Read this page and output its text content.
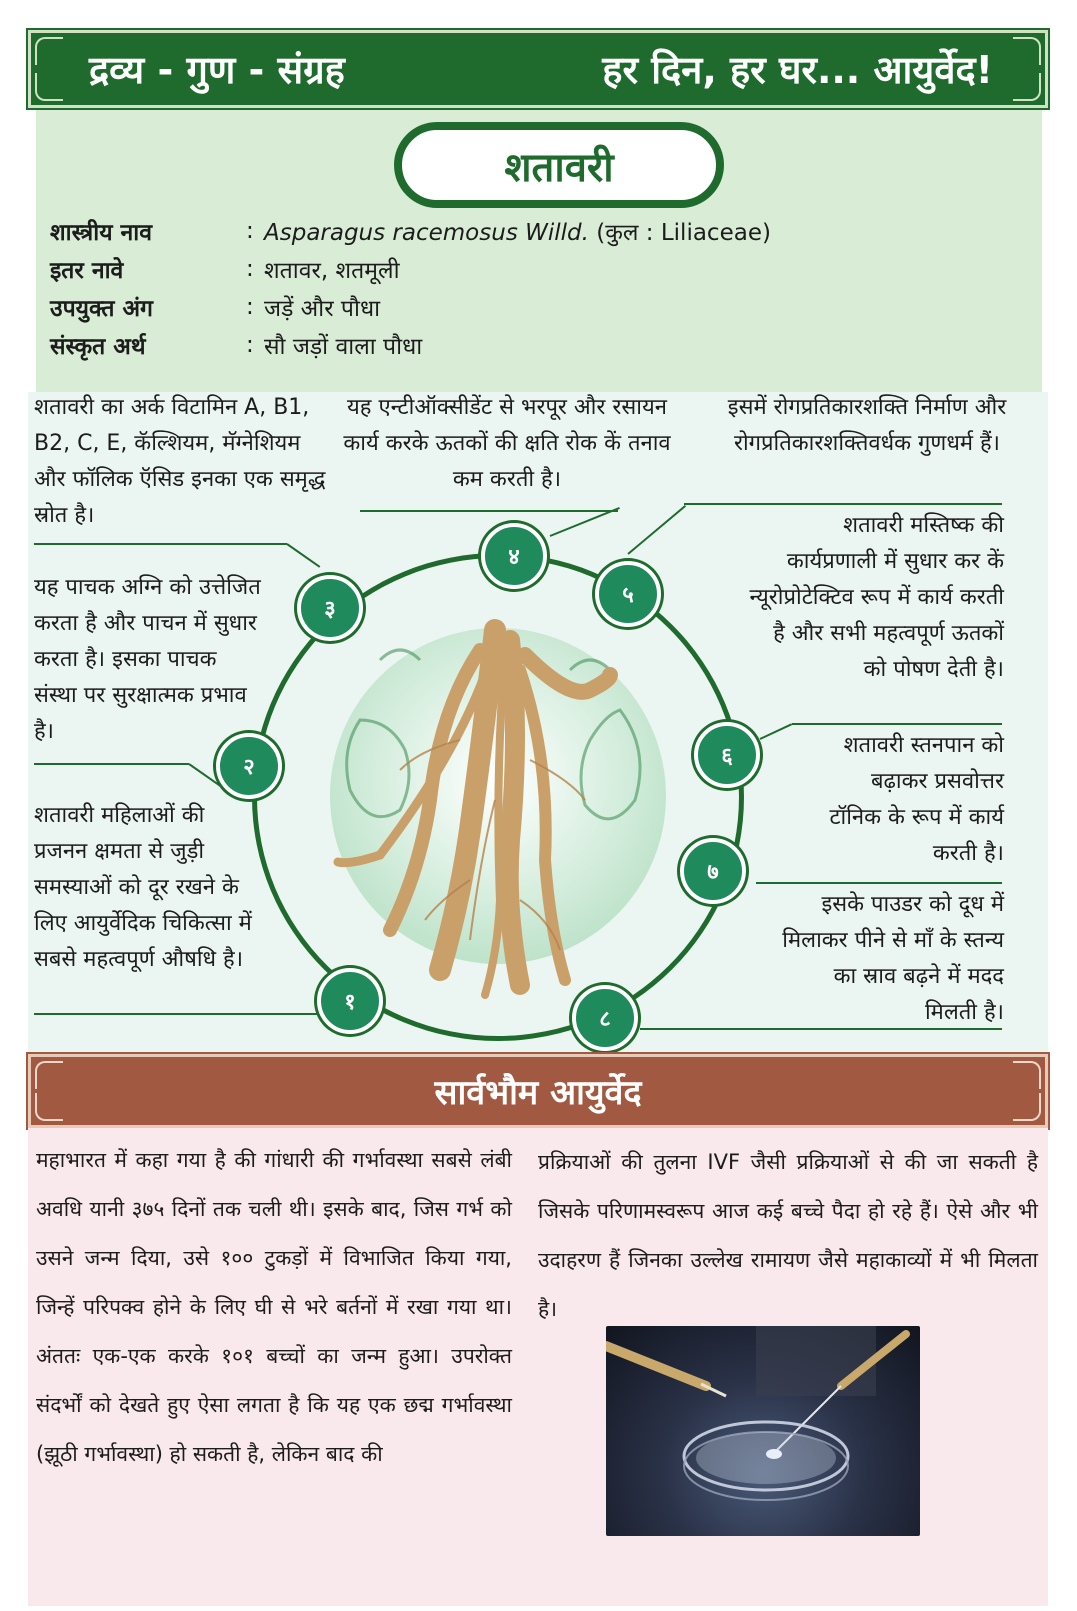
द्रव्य - गुण - संग्रह	हर दिन, हर घर... आयुर्वेद!
शतावरी
शास्त्रीय नाव	: Asparagus racemosus Willd. (कुल : Liliaceae)
इतर नावे	: शतावर, शतमूली
उपयुक्त अंग	: जड़ें और पौधा
संस्कृत अर्थ	: सौ जड़ों वाला पौधा
१
२
३
४
५
६
७
८
शतावरी का अर्क विटामिन A, B1, B2, C, E, कॅल्शियम, मॅग्नेशियम और फॉलिक ऍसिड इनका एक समृद्ध स्रोत है।
यह एन्टीऑक्सीडेंट से भरपूर और रसायन कार्य करके ऊतकों की क्षति रोक कें तनाव कम करती है।
इसमें रोगप्रतिकारशक्ति निर्माण और रोगप्रतिकारशक्तिवर्धक गुणधर्म हैं।
यह पाचक अग्नि को उत्तेजित करता है और पाचन में सुधार करता है। इसका पाचक संस्था पर सुरक्षात्मक प्रभाव है।
शतावरी मस्तिष्क की कार्यप्रणाली में सुधार कर कें न्यूरोप्रोटेक्टिव रूप में कार्य करती है और सभी महत्वपूर्ण ऊतकों को पोषण देती है।
शतावरी महिलाओं की प्रजनन क्षमता से जुड़ी समस्याओं को दूर रखने के लिए आयुर्वेदिक चिकित्सा में सबसे महत्वपूर्ण औषधि है।
शतावरी स्तनपान को बढ़ाकर प्रसवोत्तर टॉनिक के रूप में कार्य करती है।
इसके पाउडर को दूध में मिलाकर पीने से माँ के स्तन्य का स्राव बढ़ने में मदद मिलती है।
सार्वभौम आयुर्वेद
महाभारत में कहा गया है की गांधारी की गर्भावस्था सबसे लंबी अवधि यानी ३७५ दिनों तक चली थी। इसके बाद, जिस गर्भ को उसने जन्म दिया, उसे १०० टुकड़ों में विभाजित किया गया, जिन्हें परिपक्व होने के लिए घी से भरे बर्तनों में रखा गया था। अंततः एक-एक करके १०१ बच्चों का जन्म हुआ। उपरोक्त संदर्भों को देखते हुए ऐसा लगता है कि यह एक छद्म गर्भावस्था (झूठी गर्भावस्था) हो सकती है, लेकिन बाद की
प्रक्रियाओं की तुलना IVF जैसी प्रक्रियाओं से की जा सकती है जिसके परिणामस्वरूप आज कई बच्चे पैदा हो रहे हैं। ऐसे और भी उदाहरण हैं जिनका उल्लेख रामायण जैसे महाकाव्यों में भी मिलता है।
